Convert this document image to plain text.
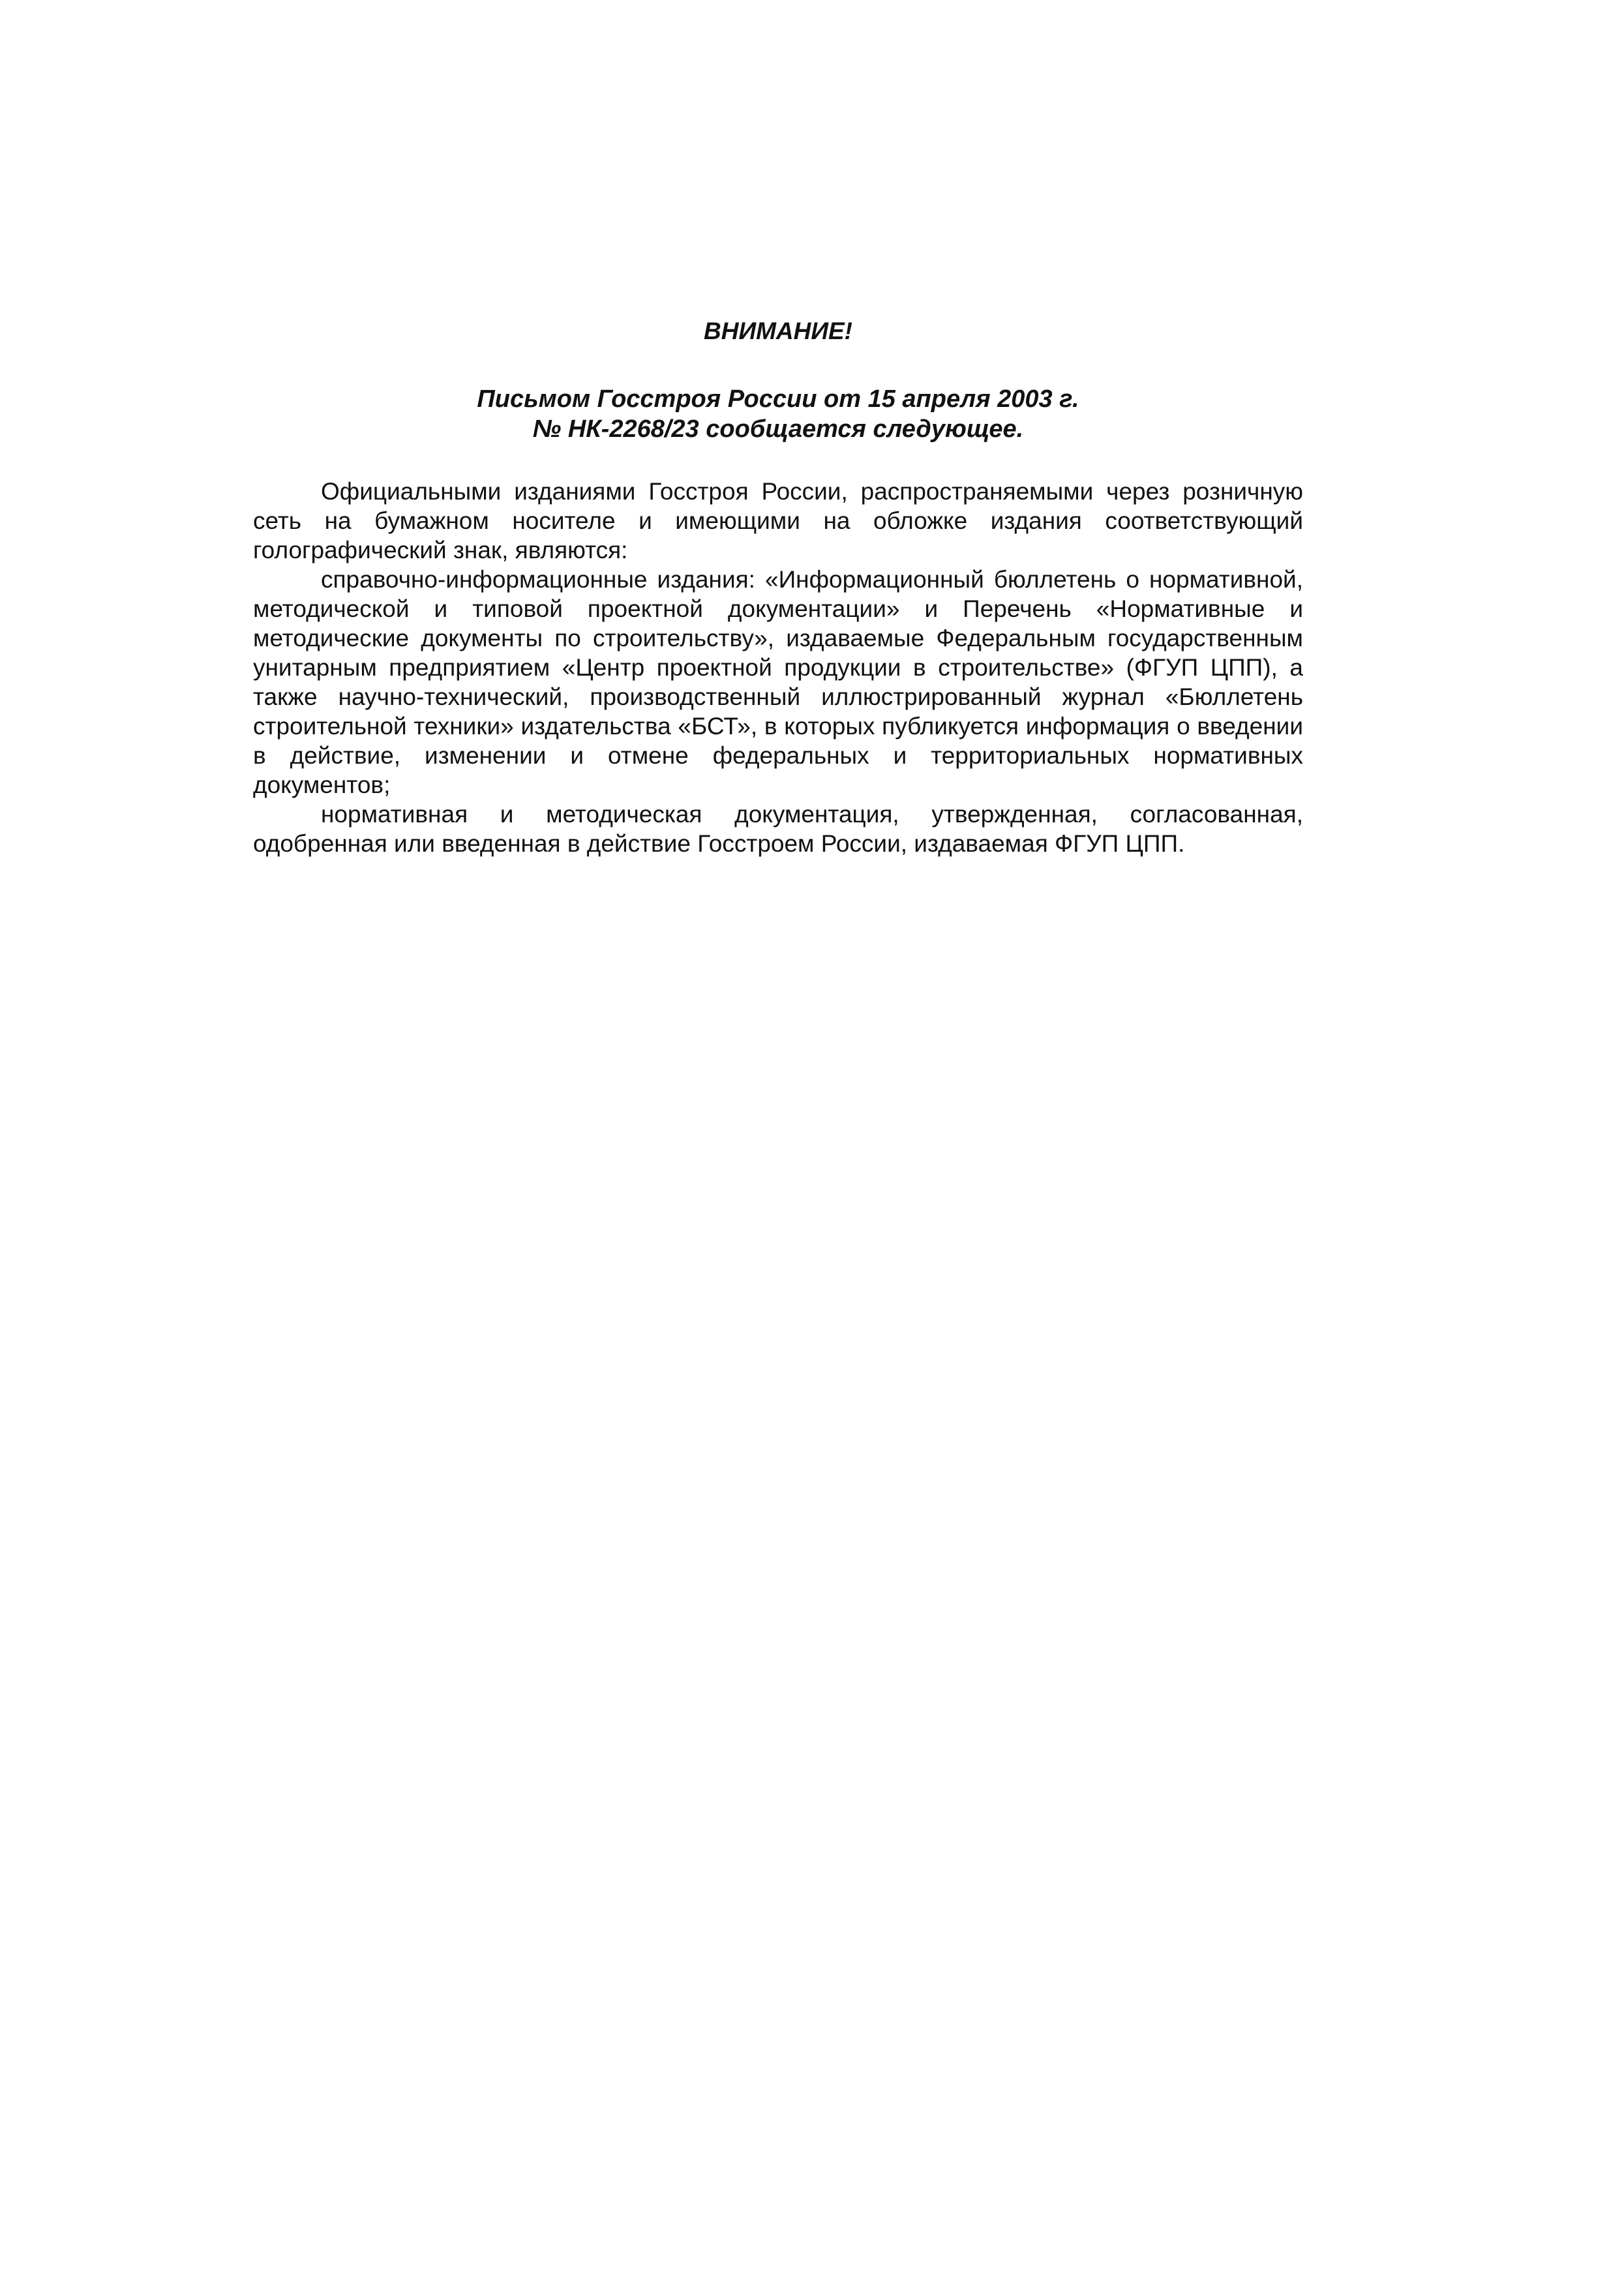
ВНИМАНИЕ!
Письмом Госстроя России от 15 апреля 2003 г.
№ НК-2268/23 сообщается следующее.

Официальными изданиями Госстроя России, распространяемыми через розничную сеть на бумажном носителе и имеющими на обложке издания соответствующий голографический знак, являются:

справочно-информационные издания: «Информационный бюллетень о нормативной, методической и типовой проектной документации» и Перечень «Нормативные и методические документы по строительству», издаваемые Федеральным государственным унитарным предприятием «Центр проектной продукции в строительстве» (ФГУП ЦПП), а также научно-технический, производственный иллюстрированный журнал «Бюллетень строительной техники» издательства «БСТ», в которых публикуется информация о введении в действие, изменении и отмене федеральных и территориальных нормативных документов;

нормативная и методическая документация, утвержденная, согласованная, одобренная или введенная в действие Госстроем России, издаваемая ФГУП ЦПП.
